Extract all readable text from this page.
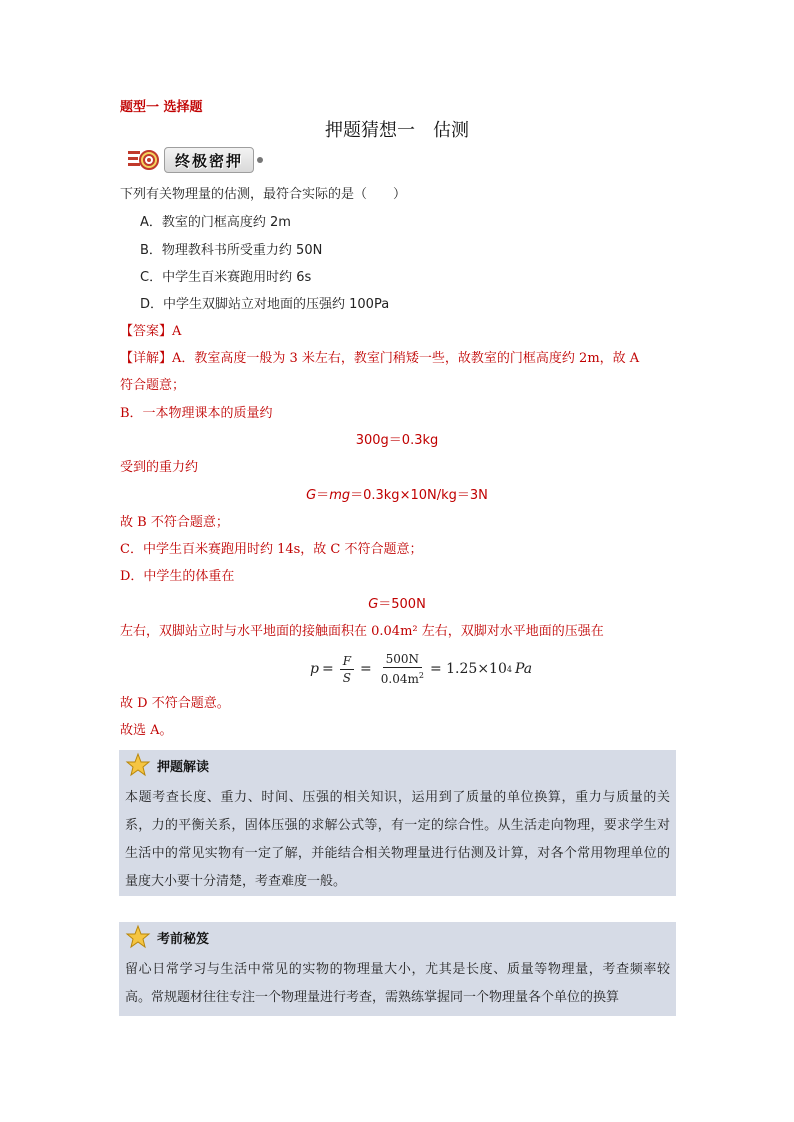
题型一 选择题
押题猜想一　估测
终极密押
下列有关物理量的估测，最符合实际的是（　　）
A．教室的门框高度约 2m
B．物理教科书所受重力约 50N
C．中学生百米赛跑用时约 6s
D．中学生双脚站立对地面的压强约 100Pa
【答案】A
【详解】A．教室高度一般为 3 米左右，教室门稍矮一些，故教室的门框高度约 2m，故 A
符合题意；
B．一本物理课本的质量约
300g＝0.3kg
受到的重力约
G＝mg＝0.3kg×10N/kg＝3N
故 B 不符合题意；
C．中学生百米赛跑用时约 14s，故 C 不符合题意；
D．中学生的体重在
G＝500N
左右，双脚站立时与水平地面的接触面积在 0.04m² 左右，双脚对水平地面的压强在
$p = \frac{F}{S} = \frac{500N}{0.04m^2} = 1.25\times 10$ 4 Pa
故 D 不符合题意。
故选 A。
押题解读
本题考查长度、重力、时间、压强的相关知识，运用到了质量的单位换算，重力与质量的关系，力的平衡关系，固体压强的求解公式等，有一定的综合性。从生活走向物理，要求学生对生活中的常见实物有一定了解，并能结合相关物理量进行估测及计算，对各个常用物理单位的量度大小要十分清楚，考查难度一般。
考前秘笈
留心日常学习与生活中常见的实物的物理量大小，尤其是长度、质量等物理量，考查频率较高。常规题材往往专注一个物理量进行考查，需熟练掌握同一个物理量各个单位的换算
